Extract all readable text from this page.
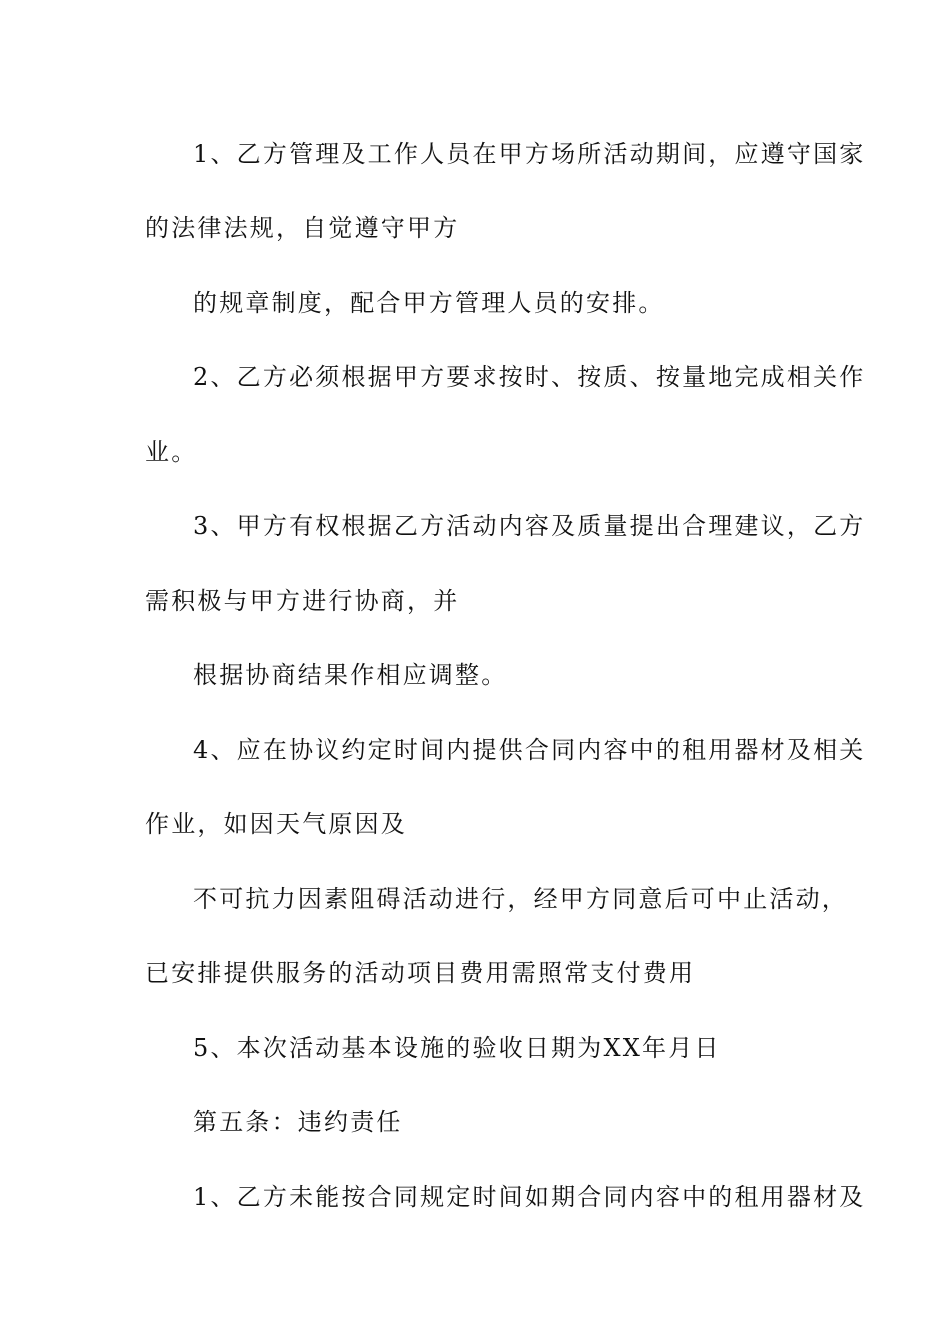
1、乙方管理及工作人员在甲方场所活动期间，应遵守国家
的法律法规，自觉遵守甲方
的规章制度，配合甲方管理人员的安排。
2、乙方必须根据甲方要求按时、按质、按量地完成相关作
业。
3、甲方有权根据乙方活动内容及质量提出合理建议，乙方
需积极与甲方进行协商，并
根据协商结果作相应调整。
4、应在协议约定时间内提供合同内容中的租用器材及相关
作业，如因天气原因及
不可抗力因素阻碍活动进行，经甲方同意后可中止活动，
已安排提供服务的活动项目费用需照常支付费用
5、本次活动基本设施的验收日期为XX年月日
第五条：违约责任
1、乙方未能按合同规定时间如期合同内容中的租用器材及
